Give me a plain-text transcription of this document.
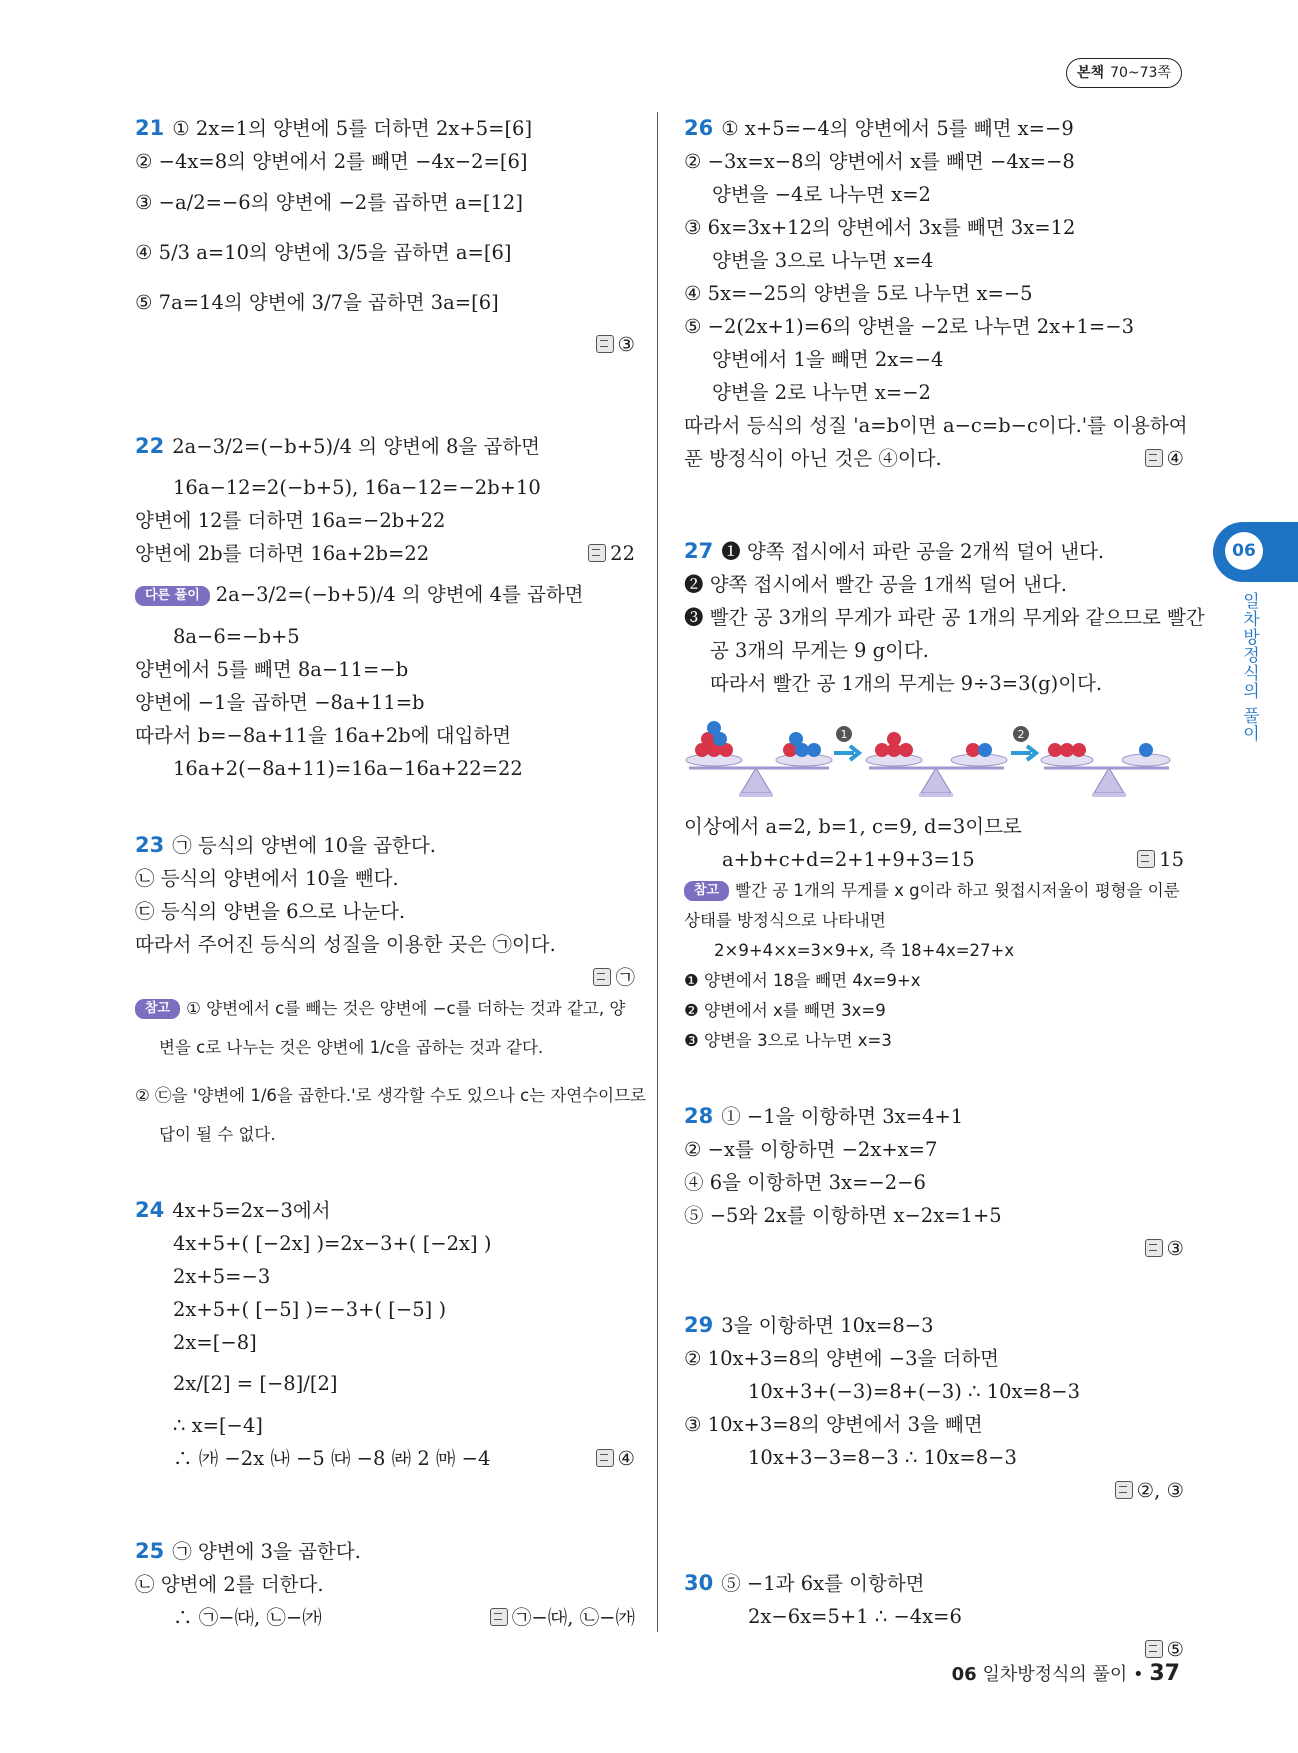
본책 70~73쪽
21 ① 2x=1의 양변에 5를 더하면 2x+5=[6]
② −4x=8의 양변에서 2를 빼면 −4x−2=[6]
③ −a/2=−6의 양변에 −2를 곱하면 a=[12]
④ 5/3 a=10의 양변에 3/5을 곱하면 a=[6]
⑤ 7a=14의 양변에 3/7을 곱하면 3a=[6]
③
22 2a−3/2=(−b+5)/4 의 양변에 8을 곱하면
16a−12=2(−b+5), 16a−12=−2b+10
양변에 12를 더하면 16a=−2b+22
양변에 2b를 더하면 16a+2b=22	22
다른 풀이 2a−3/2=(−b+5)/4 의 양변에 4를 곱하면
8a−6=−b+5
양변에서 5를 빼면 8a−11=−b
양변에 −1을 곱하면 −8a+11=b
따라서 b=−8a+11을 16a+2b에 대입하면
16a+2(−8a+11)=16a−16a+22=22
23 ㉠ 등식의 양변에 10을 곱한다.
㉡ 등식의 양변에서 10을 뺀다.
㉢ 등식의 양변을 6으로 나눈다.
따라서 주어진 등식의 성질을 이용한 곳은 ㉠이다.
㉠
참고 ① 양변에서 c를 빼는 것은 양변에 −c를 더하는 것과 같고, 양
변을 c로 나누는 것은 양변에 1/c을 곱하는 것과 같다.
② ㉢을 '양변에 1/6을 곱한다.'로 생각할 수도 있으나 c는 자연수이므로
답이 될 수 없다.
24 4x+5=2x−3에서
4x+5+( [−2x] )=2x−3+( [−2x] )
2x+5=−3
2x+5+( [−5] )=−3+( [−5] )
2x=[−8]
2x/[2] = [−8]/[2]
∴ x=[−4]
∴ ㈎ −2x ㈏ −5 ㈐ −8 ㈑ 2 ㈒ −4	④
25 ㉠ 양변에 3을 곱한다.
㉡ 양변에 2를 더한다.
∴ ㉠−㈐, ㉡−㈎	㉠−㈐, ㉡−㈎
26 ① x+5=−4의 양변에서 5를 빼면 x=−9
② −3x=x−8의 양변에서 x를 빼면 −4x=−8
양변을 −4로 나누면 x=2
③ 6x=3x+12의 양변에서 3x를 빼면 3x=12
양변을 3으로 나누면 x=4
④ 5x=−25의 양변을 5로 나누면 x=−5
⑤ −2(2x+1)=6의 양변을 −2로 나누면 2x+1=−3
양변에서 1을 빼면 2x=−4
양변을 2로 나누면 x=−2
따라서 등식의 성질 'a=b이면 a−c=b−c이다.'를 이용하여
푼 방정식이 아닌 것은 ④이다.	④
27 ❶ 양쪽 접시에서 파란 공을 2개씩 덜어 낸다.
❷ 양쪽 접시에서 빨간 공을 1개씩 덜어 낸다.
❸ 빨간 공 3개의 무게가 파란 공 1개의 무게와 같으므로 빨간
공 3개의 무게는 9 g이다.
따라서 빨간 공 1개의 무게는 9÷3=3(g)이다.
1	2
이상에서 a=2, b=1, c=9, d=3이므로
a+b+c+d=2+1+9+3=15	15
참고 빨간 공 1개의 무게를 x g이라 하고 윗접시저울이 평형을 이룬
상태를 방정식으로 나타내면
2×9+4×x=3×9+x, 즉 18+4x=27+x
❶ 양변에서 18을 빼면 4x=9+x
❷ 양변에서 x를 빼면 3x=9
❸ 양변을 3으로 나누면 x=3
28 ① −1을 이항하면 3x=4+1
② −x를 이항하면 −2x+x=7
④ 6을 이항하면 3x=−2−6
⑤ −5와 2x를 이항하면 x−2x=1+5
③
29 3을 이항하면 10x=8−3
② 10x+3=8의 양변에 −3을 더하면
10x+3+(−3)=8+(−3) ∴ 10x=8−3
③ 10x+3=8의 양변에서 3을 빼면
10x+3−3=8−3 ∴ 10x=8−3
②, ③
30 ⑤ −1과 6x를 이항하면
2x−6x=5+1 ∴ −4x=6
⑤
06
일차방정식의 풀이
06 일차방정식의 풀이 • 37
